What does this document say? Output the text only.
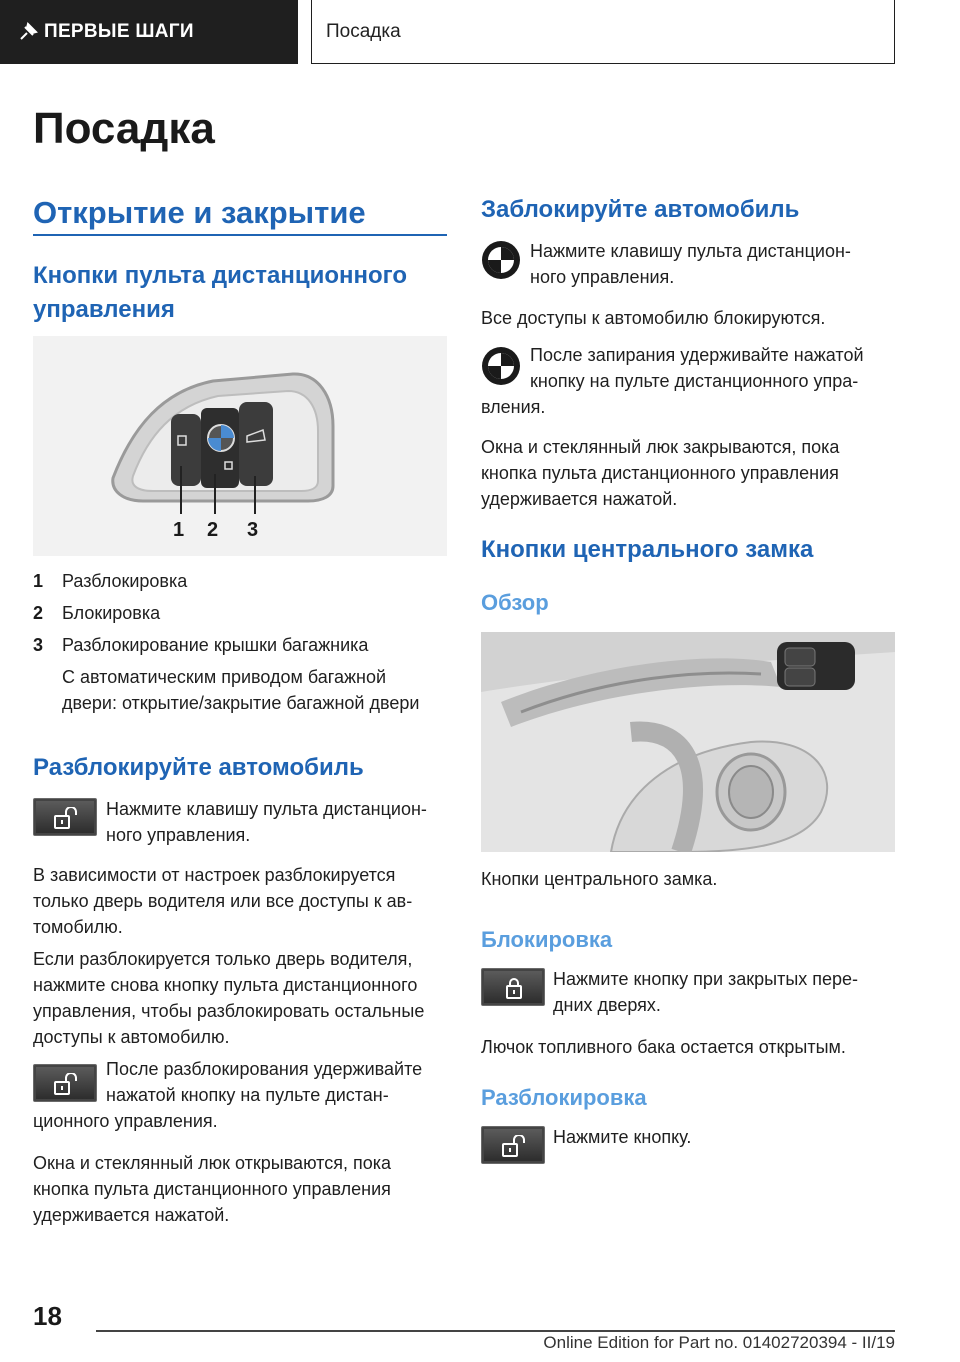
ПЕРВЫЕ ШАГИ	Посадка
Посадка
Открытие и закрытие
Кнопки пульта дистанционного управления
1 2 3
1 Разблокировка
2 Блокировка
3 Разблокирование крышки багажника
С автоматическим приводом багажной
двери: открытие/закрытие багажной двери
Разблокируйте автомобиль
Нажмите клавишу пульта дистанцион-
ного управления.
В зависимости от настроек разблокируется
только дверь водителя или все доступы к ав-
томобилю.
Если разблокируется только дверь водителя,
нажмите снова кнопку пульта дистанционного
управления, чтобы разблокировать остальные
доступы к автомобилю.
После разблокирования удерживайте
нажатой кнопку на пульте дистан-
ционного управления.
Окна и стеклянный люк открываются, пока
кнопка пульта дистанционного управления
удерживается нажатой.
Заблокируйте автомобиль
Нажмите клавишу пульта дистанцион-
ного управления.
Все доступы к автомобилю блокируются.
После запирания удерживайте нажатой
кнопку на пульте дистанционного упра-
вления.
Окна и стеклянный люк закрываются, пока
кнопка пульта дистанционного управления
удерживается нажатой.
Кнопки центрального замка
Обзор
Кнопки центрального замка.
Блокировка
Нажмите кнопку при закрытых пере-
дних дверях.
Лючок топливного бака остается открытым.
Разблокировка
Нажмите кнопку.
18
Online Edition for Part no. 01402720394 - II/19
